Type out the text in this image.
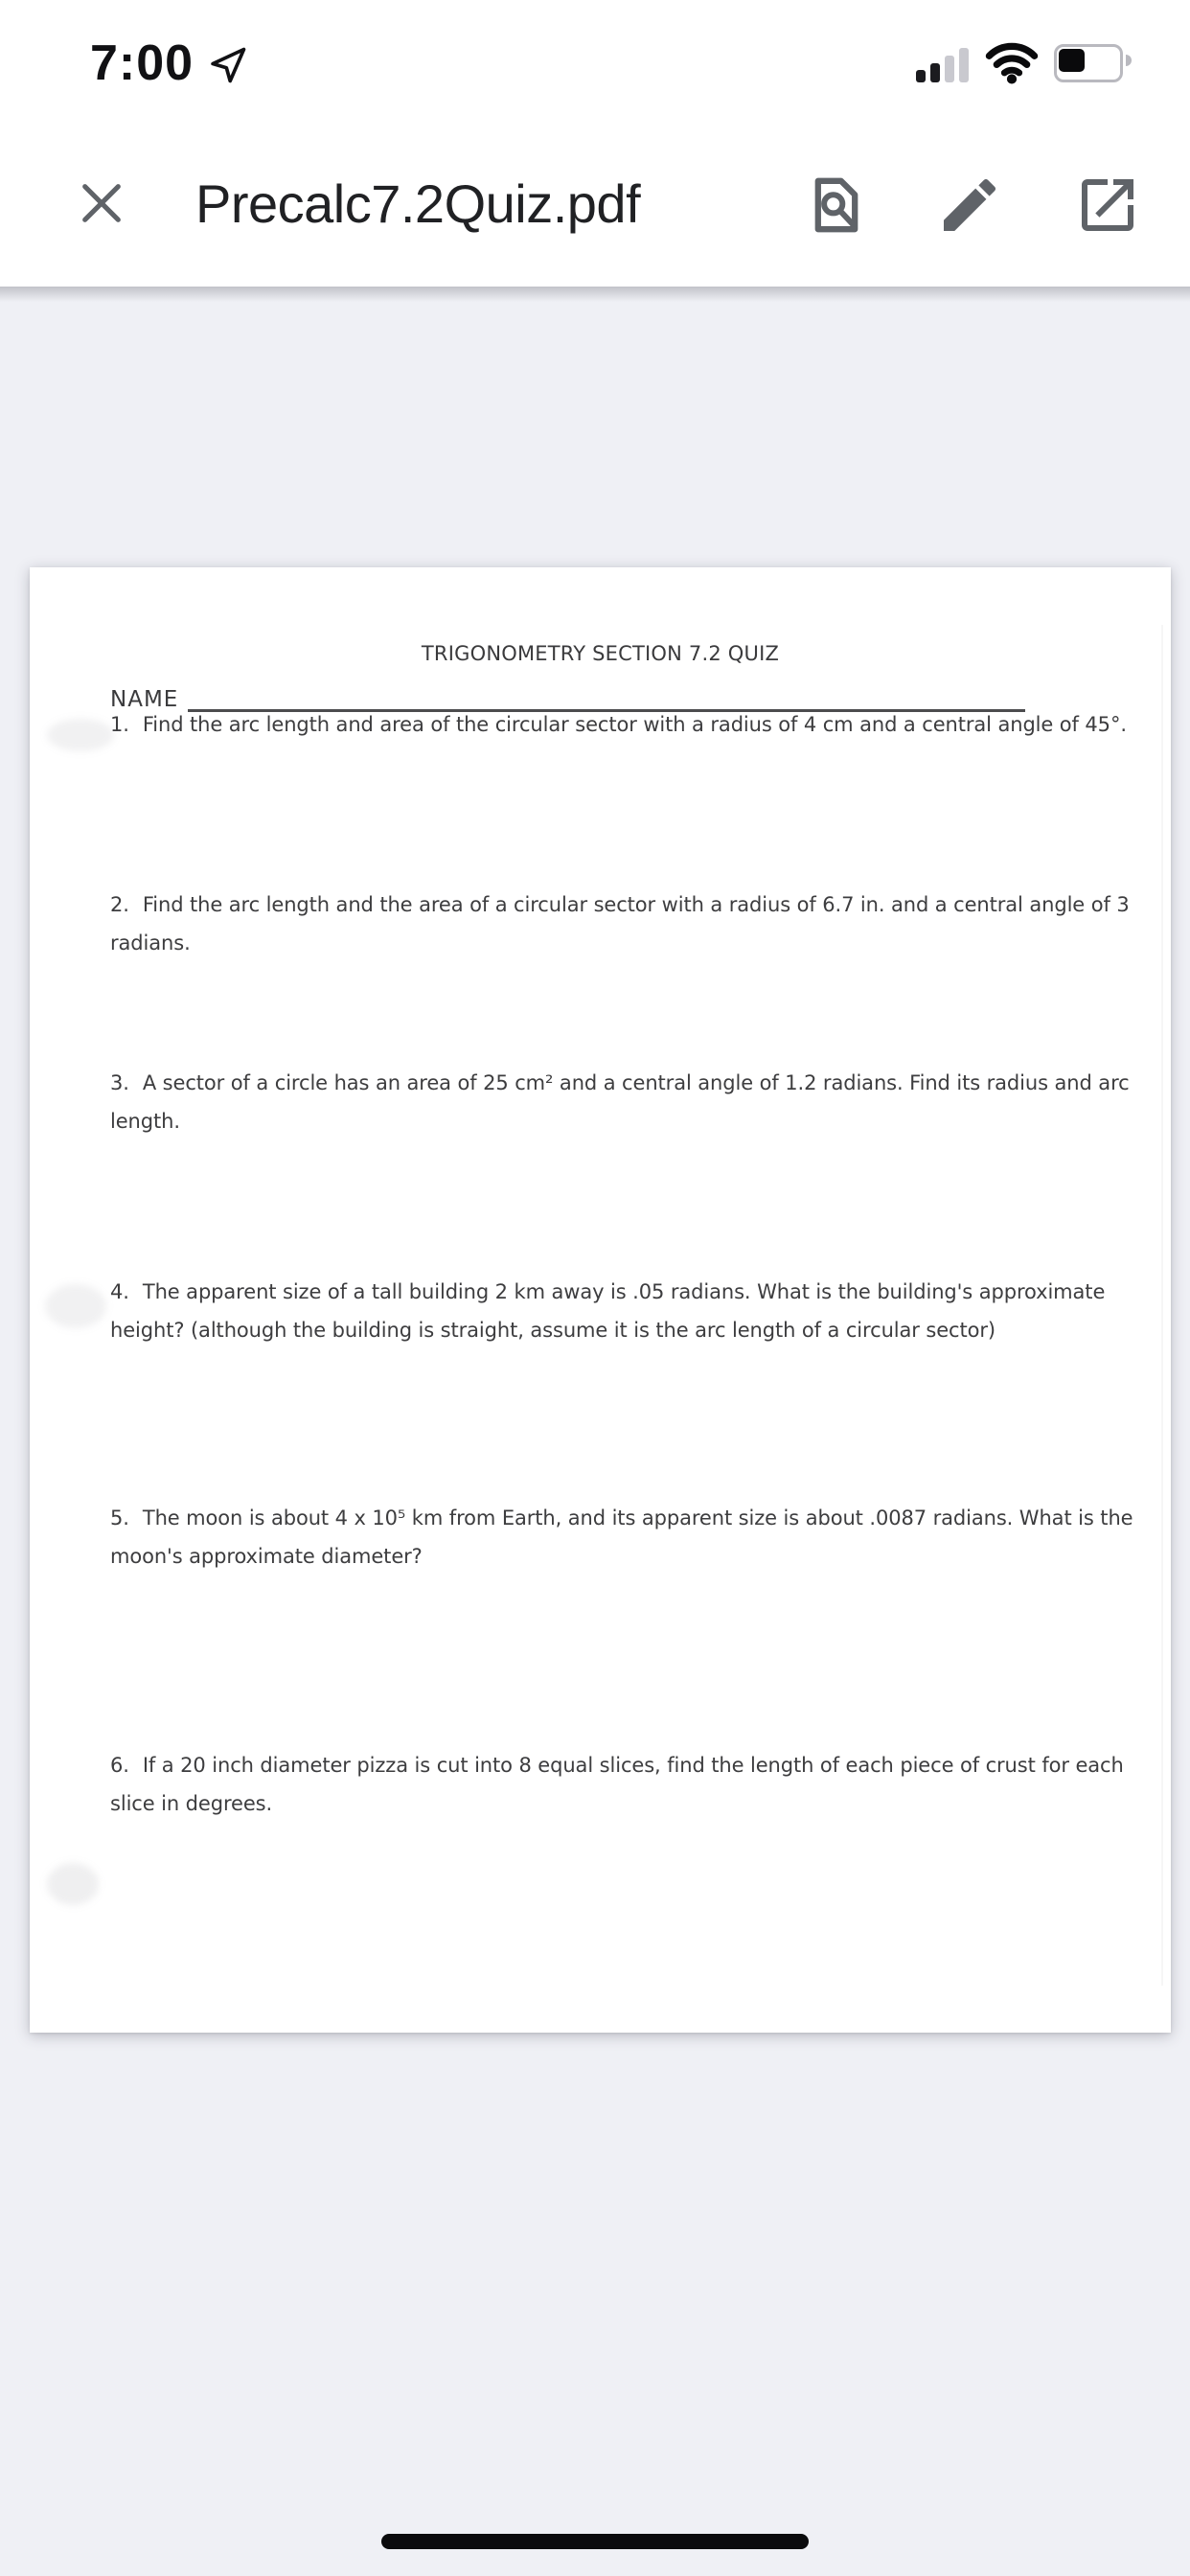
7:00
Precalc7.2Quiz.pdf
TRIGONOMETRY SECTION 7.2 QUIZ
NAME
1. Find the arc length and area of the circular sector with a radius of 4 cm and a central angle of 45°.
2. Find the arc length and the area of a circular sector with a radius of 6.7 in. and a central angle of 3 radians.
3. A sector of a circle has an area of 25 cm² and a central angle of 1.2 radians. Find its radius and arc length.
4. The apparent size of a tall building 2 km away is .05 radians. What is the building's approximate height? (although the building is straight, assume it is the arc length of a circular sector)
5. The moon is about 4 x 10⁵ km from Earth, and its apparent size is about .0087 radians. What is the moon's approximate diameter?
6. If a 20 inch diameter pizza is cut into 8 equal slices, find the length of each piece of crust for each slice in degrees.
